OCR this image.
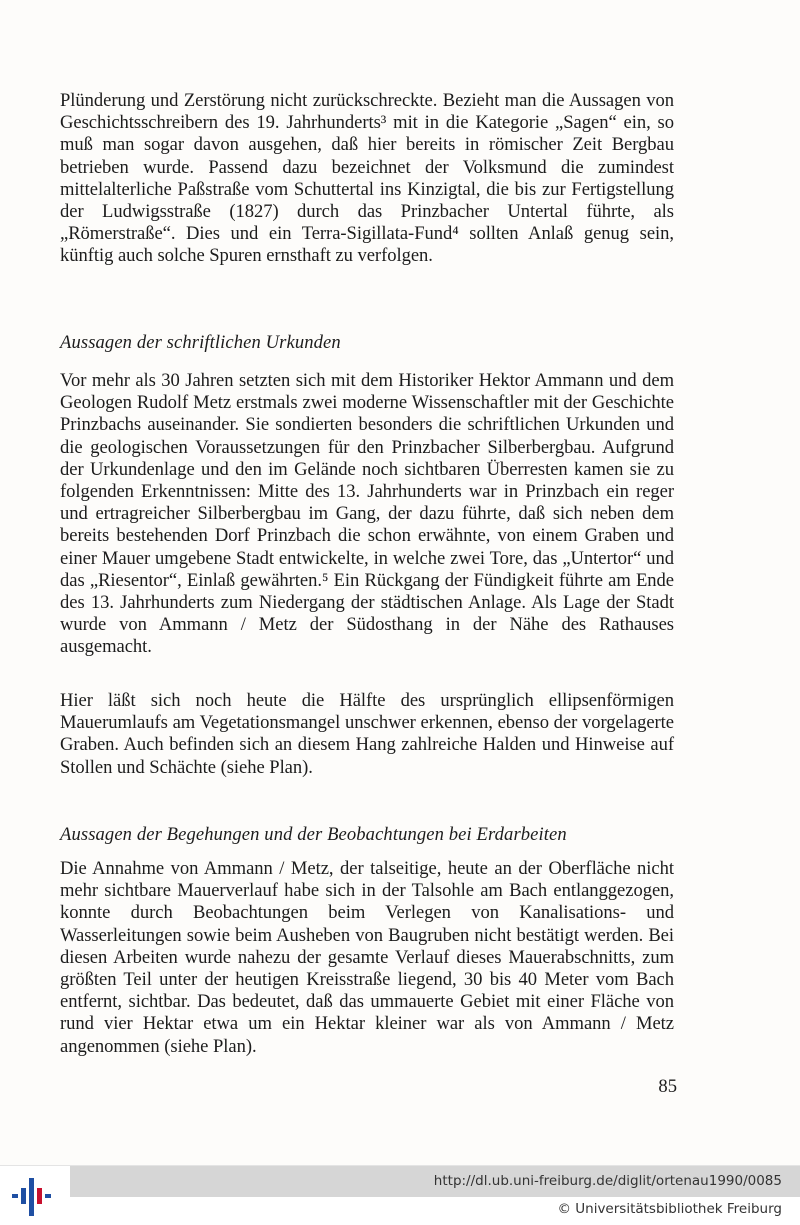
Plünderung und Zerstörung nicht zurückschreckte. Bezieht man die Aussagen von Geschichtsschreibern des 19. Jahrhunderts³ mit in die Kategorie „Sagen“ ein, so muß man sogar davon ausgehen, daß hier bereits in römischer Zeit Bergbau betrieben wurde. Passend dazu bezeichnet der Volksmund die zumindest mittelalterliche Paßstraße vom Schuttertal ins Kinzigtal, die bis zur Fertigstellung der Ludwigsstraße (1827) durch das Prinzbacher Untertal führte, als „Römerstraße“. Dies und ein Terra-Sigillata-Fund⁴ sollten Anlaß genug sein, künftig auch solche Spuren ernsthaft zu verfolgen.

Aussagen der schriftlichen Urkunden

Vor mehr als 30 Jahren setzten sich mit dem Historiker Hektor Ammann und dem Geologen Rudolf Metz erstmals zwei moderne Wissenschaftler mit der Geschichte Prinzbachs auseinander. Sie sondierten besonders die schriftlichen Urkunden und die geologischen Voraussetzungen für den Prinzbacher Silberbergbau. Aufgrund der Urkundenlage und den im Gelände noch sichtbaren Überresten kamen sie zu folgenden Erkenntnissen: Mitte des 13. Jahrhunderts war in Prinzbach ein reger und ertragreicher Silberbergbau im Gang, der dazu führte, daß sich neben dem bereits bestehenden Dorf Prinzbach die schon erwähnte, von einem Graben und einer Mauer umgebene Stadt entwickelte, in welche zwei Tore, das „Untertor“ und das „Riesentor“, Einlaß gewährten.⁵ Ein Rückgang der Fündigkeit führte am Ende des 13. Jahrhunderts zum Niedergang der städtischen Anlage. Als Lage der Stadt wurde von Ammann / Metz der Südosthang in der Nähe des Rathauses ausgemacht.

Hier läßt sich noch heute die Hälfte des ursprünglich ellipsenförmigen Mauerumlaufs am Vegetationsmangel unschwer erkennen, ebenso der vorgelagerte Graben. Auch befinden sich an diesem Hang zahlreiche Halden und Hinweise auf Stollen und Schächte (siehe Plan).

Aussagen der Begehungen und der Beobachtungen bei Erdarbeiten

Die Annahme von Ammann / Metz, der talseitige, heute an der Oberfläche nicht mehr sichtbare Mauerverlauf habe sich in der Talsohle am Bach entlanggezogen, konnte durch Beobachtungen beim Verlegen von Kanalisations- und Wasserleitungen sowie beim Ausheben von Baugruben nicht bestätigt werden. Bei diesen Arbeiten wurde nahezu der gesamte Verlauf dieses Mauerabschnitts, zum größten Teil unter der heutigen Kreisstraße liegend, 30 bis 40 Meter vom Bach entfernt, sichtbar. Das bedeutet, daß das ummauerte Gebiet mit einer Fläche von rund vier Hektar etwa um ein Hektar kleiner war als von Ammann / Metz angenommen (siehe Plan).

85
http://dl.ub.uni-freiburg.de/diglit/ortenau1990/0085
© Universitätsbibliothek Freiburg
